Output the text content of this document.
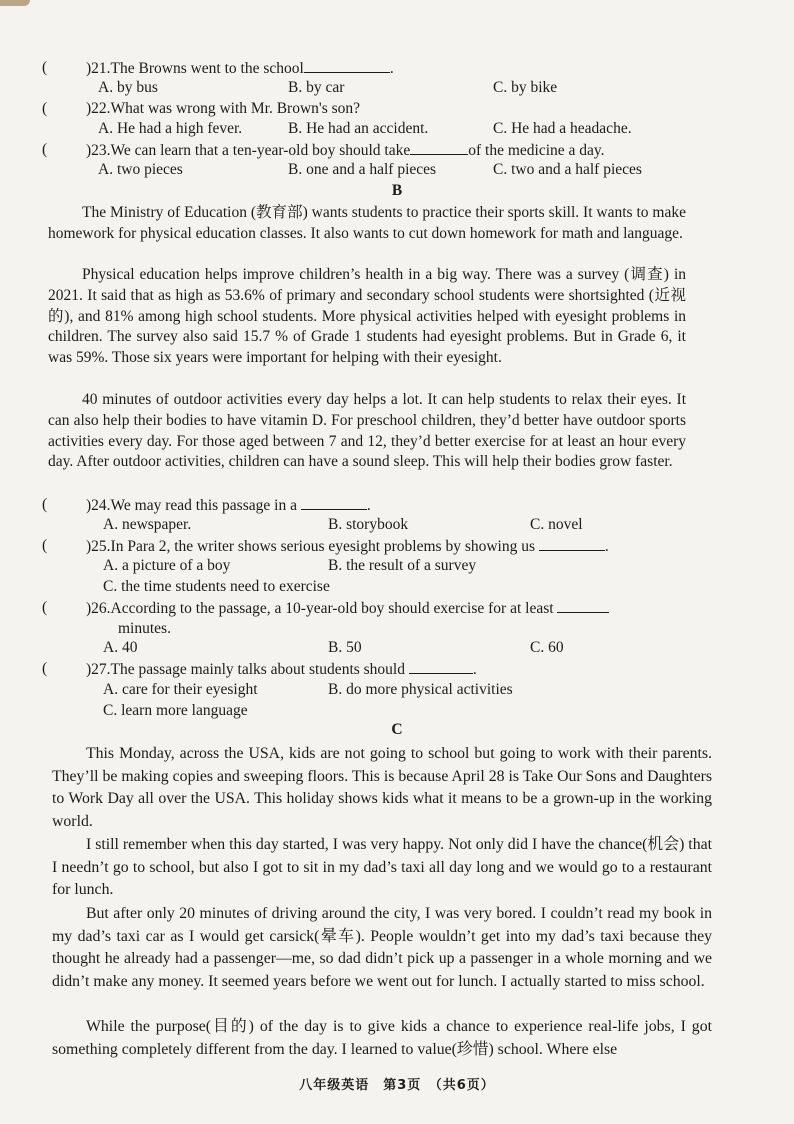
(	)21.The Browns went to the school	.
A. by bus	B. by car	C. by bike
(	)22.What was wrong with Mr. Brown's son?
A. He had a high fever.	B. He had an accident.	C. He had a headache.
(	)23.We can learn that a ten-year-old boy should take	of the medicine a day.
A. two pieces	B. one and a half pieces	C. two and a half pieces
B
The Ministry of Education (教育部) wants students to practice their sports skill. It wants to make homework for physical education classes. It also wants to cut down homework for math and language.
Physical education helps improve children’s health in a big way. There was a survey (调查) in 2021. It said that as high as 53.6% of primary and secondary school students were shortsighted (近视的), and 81% among high school students. More physical activities helped with eyesight problems in children. The survey also said 15.7 % of Grade 1 students had eyesight problems. But in Grade 6, it was 59%. Those six years were important for helping with their eyesight.
40 minutes of outdoor activities every day helps a lot. It can help students to relax their eyes. It can also help their bodies to have vitamin D. For preschool children, they’d better have outdoor sports activities every day. For those aged between 7 and 12, they’d better exercise for at least an hour every day. After outdoor activities, children can have a sound sleep. This will help their bodies grow faster.
(	)24.We may read this passage in a	.
A. newspaper.	B. storybook	C. novel
(	)25.In Para 2, the writer shows serious eyesight problems by showing us	.
A. a picture of a boy	B. the result of a survey
C. the time students need to exercise
(	)26.According to the passage, a 10-year-old boy should exercise for at least
minutes.
A. 40	B. 50	C. 60
(	)27.The passage mainly talks about students should	.
A. care for their eyesight	B. do more physical activities
C. learn more language
C
This Monday, across the USA, kids are not going to school but going to work with their parents. They’ll be making copies and sweeping floors. This is because April 28 is Take Our Sons and Daughters to Work Day all over the USA. This holiday shows kids what it means to be a grown-up in the working world.
I still remember when this day started, I was very happy. Not only did I have the chance(机会) that I needn’t go to school, but also I got to sit in my dad’s taxi all day long and we would go to a restaurant for lunch.
But after only 20 minutes of driving around the city, I was very bored. I couldn’t read my book in my dad’s taxi car as I would get carsick(晕车). People wouldn’t get into my dad’s taxi because they thought he already had a passenger—me, so dad didn’t pick up a passenger in a whole morning and we didn’t make any money. It seemed years before we went out for lunch. I actually started to miss school.
While the purpose(目的) of the day is to give kids a chance to experience real-life jobs, I got something completely different from the day. I learned to value(珍惜) school. Where else
八年级英语　第3页　（共6页）
